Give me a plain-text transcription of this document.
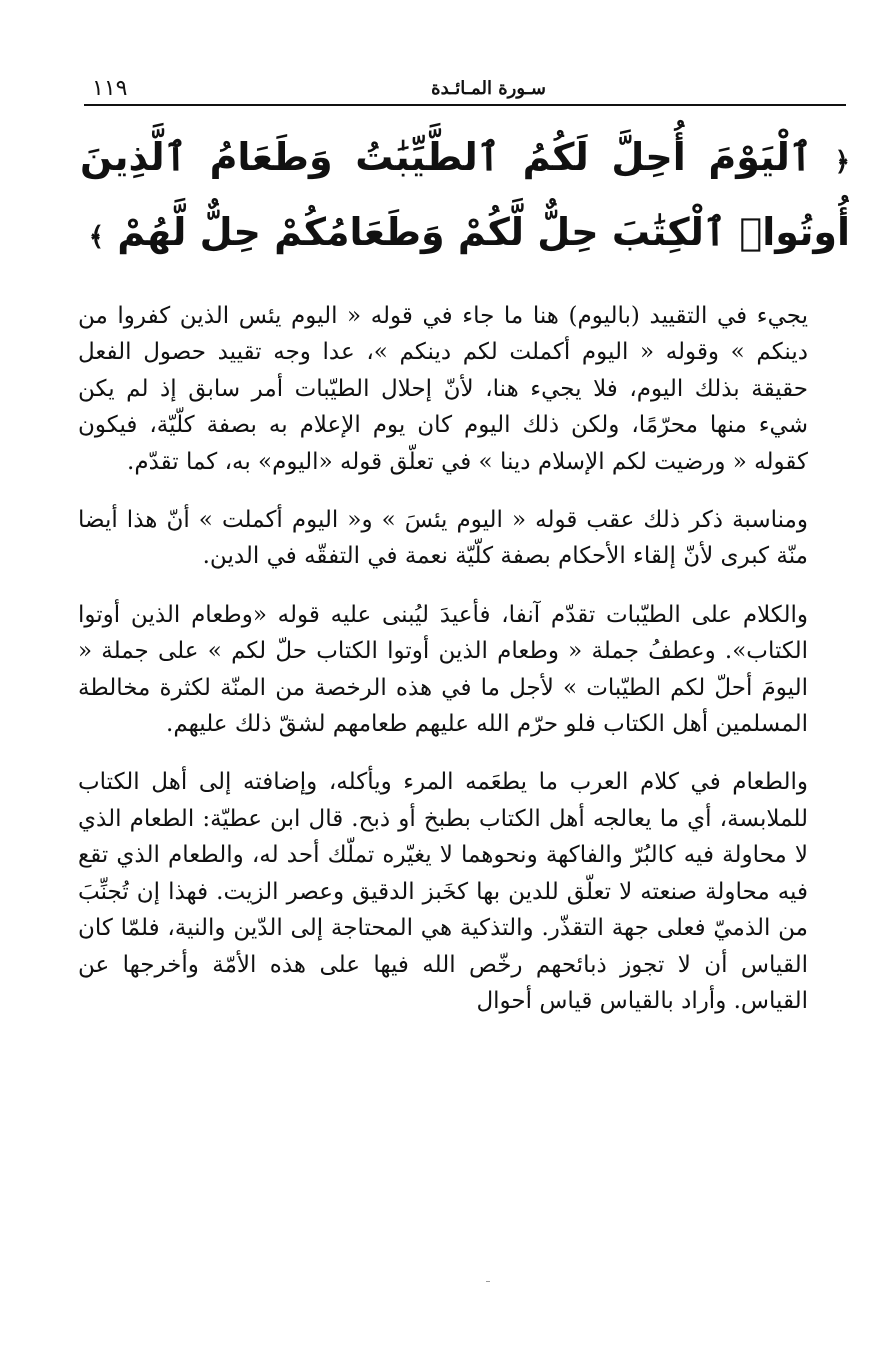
١١٩	سـورة المـائـدة
﴿ ٱلْيَوْمَ أُحِلَّ لَكُمُ ٱلطَّيِّبَٰتُ وَطَعَامُ ٱلَّذِينَ أُوتُوا۟ ٱلْكِتَٰبَ حِلٌّ لَّكُمْ وَطَعَامُكُمْ حِلٌّ لَّهُمْ ﴾

يجيء في التقييد (باليوم) هنا ما جاء في قوله « اليوم يئس الذين كفروا من دينكم » وقوله « اليوم أكملت لكم دينكم »، عدا وجه تقييد حصول الفعل حقيقة بذلك اليوم، فلا يجيء هنا، لأنّ إحلال الطيّبات أمر سابق إذ لم يكن شيء منها محرّمًا، ولكن ذلك اليوم كان يوم الإعلام به بصفة كلّيّة، فيكون كقوله « ورضيت لكم الإسلام دينا » في تعلّق قوله «اليوم» به، كما تقدّم.

ومناسبة ذكر ذلك عقب قوله « اليوم يئسَ » و« اليوم أكملت » أنّ هذا أيضا منّة كبرى لأنّ إلقاء الأحكام بصفة كلّيّة نعمة في التفقّه في الدين.

والكلام على الطيّبات تقدّم آنفا، فأعيدَ ليُبنى عليه قوله «وطعام الذين أوتوا الكتاب». وعطفُ جملة « وطعام الذين أوتوا الكتاب حلّ لكم » على جملة « اليومَ أحلّ لكم الطيّبات » لأجل ما في هذه الرخصة من المنّة لكثرة مخالطة المسلمين أهل الكتاب فلو حرّم الله عليهم طعامهم لشقّ ذلك عليهم.

والطعام في كلام العرب ما يطعَمه المرء ويأكله، وإضافته إلى أهل الكتاب للملابسة، أي ما يعالجه أهل الكتاب بطبخ أو ذبح. قال ابن عطيّة: الطعام الذي لا محاولة فيه كالبُرّ والفاكهة ونحوهما لا يغيّره تملّك أحد له، والطعام الذي تقع فيه محاولة صنعته لا تعلّق للدين بها كخَبز الدقيق وعصر الزيت. فهذا إن تُجنِّبَ من الذميّ فعلى جهة التقذّر. والتذكية هي المحتاجة إلى الدّين والنية، فلمّا كان القياس أن لا تجوز ذبائحهم رخّص الله فيها على هذه الأمّة وأخرجها عن القياس. وأراد بالقياس قياس أحوال
